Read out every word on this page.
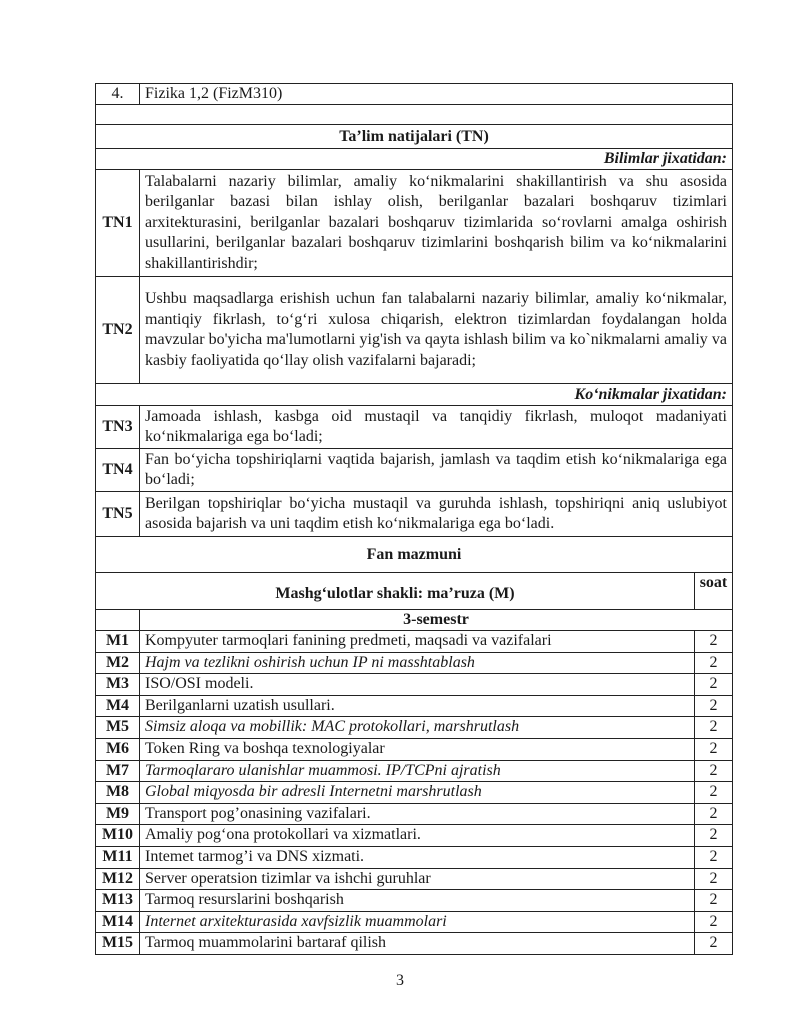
4.	Fizika 1,2 (FizM310)	

Ta’lim natijalari (TN)		
Bilimlar jixatidan:		
TN1	Talabalarni nazariy bilimlar, amaliy ko‘nikmalarini shakillantirish va shu asosida berilganlar bazasi bilan ishlay olish, berilganlar bazalari boshqaruv tizimlari arxitekturasini, berilganlar bazalari boshqaruv tizimlarida so‘rovlarni amalga oshirish usullarini, berilganlar bazalari boshqaruv tizimlarini boshqarish bilim va ko‘nikmalarini shakillantirishdir;	
TN2	Ushbu maqsadlarga erishish uchun fan talabalarni nazariy bilimlar, amaliy ko‘nikmalar, mantiqiy fikrlash, to‘g‘ri xulosa chiqarish, elektron tizimlardan foydalangan holda mavzular bo'yicha ma'lumotlarni yig'ish va qayta ishlash bilim va ko`nikmalarni amaliy va kasbiy faoliyatida qo‘llay olish vazifalarni bajaradi;	
Ko‘nikmalar jixatidan:		
TN3	Jamoada ishlash, kasbga oid mustaqil va tanqidiy fikrlash, muloqot madaniyati ko‘nikmalariga ega bo‘ladi;	
TN4	Fan bo‘yicha topshiriqlarni vaqtida bajarish, jamlash va taqdim etish ko‘nikmalariga ega bo‘ladi;	
TN5	Berilgan topshiriqlar bo‘yicha mustaqil va guruhda ishlash, topshiriqni aniq uslubiyot asosida bajarish va uni taqdim etish ko‘nikmalariga ega bo‘ladi.	
Fan mazmuni		
Mashg‘ulotlar shakli: ma’ruza (M)		soat
	3-semestr	
M1	Kompyuter tarmoqlari fanining predmeti, maqsadi va vazifalari	2
M2	Hajm va tezlikni oshirish uchun IP ni masshtablash	2
M3	ISO/OSI modeli.	2
M4	Berilganlarni uzatish usullari.	2
M5	Simsiz aloqa va mobillik: MAC protokollari, marshrutlash	2
M6	Token Ring va boshqa texnologiyalar	2
M7	Tarmoqlararo ulanishlar muammosi. IP/TCPni ajratish	2
M8	Global miqyosda bir adresli Internetni marshrutlash	2
M9	Transport pog’onasining vazifalari.	2
M10	Amaliy pog‘ona protokollari va xizmatlari.	2
M11	Intemet tarmog’i va DNS xizmati.	2
M12	Server operatsion tizimlar va ishchi guruhlar	2
M13	Tarmoq resurslarini boshqarish	2
M14	Internet arxitekturasida xavfsizlik muammolari	2
M15	Tarmoq muammolarini bartaraf qilish	2
3
